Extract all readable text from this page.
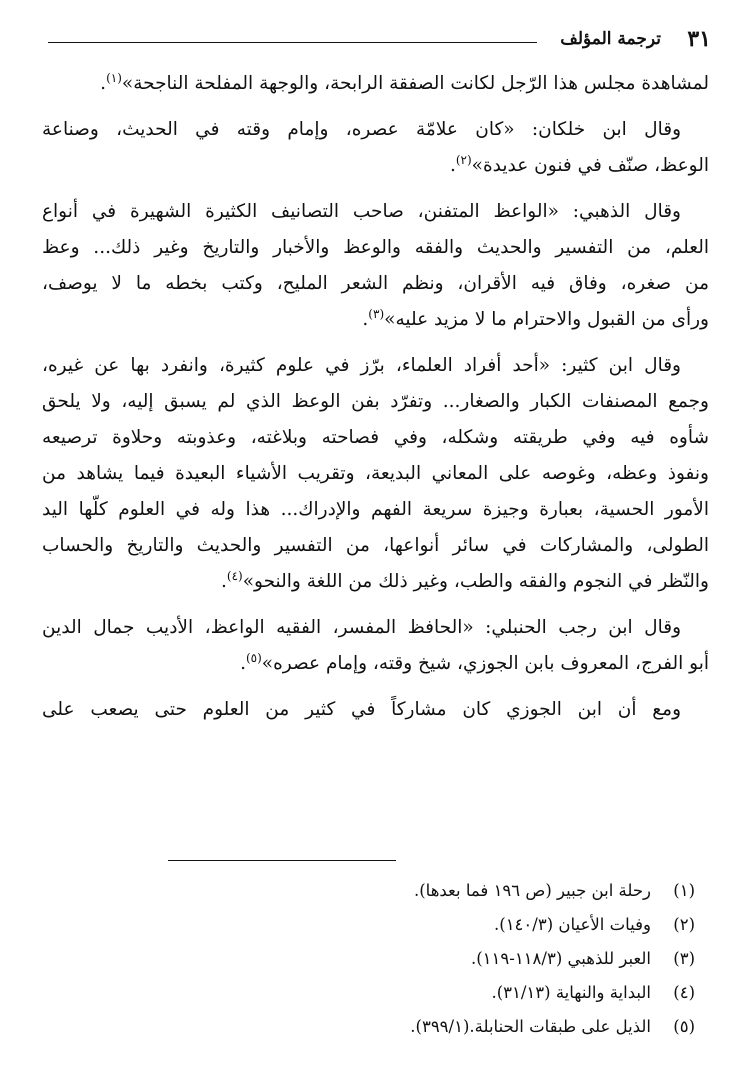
٣١
ترجمة المؤلف
لمشاهدة مجلس هذا الرّجل لكانت الصفقة الرابحة، والوجهة المفلحة الناجحة»$^{(١)}$.
وقال ابن خلكان: «كان علامّة عصره، وإمام وقته في الحديث، وصناعة
الوعظ، صنّف في فنون عديدة»$^{(٢)}$.
وقال الذهبي: «الواعظ المتفنن، صاحب التصانيف الكثيرة الشهيرة في أنواع
العلم، من التفسير والحديث والفقه والوعظ والأخبار والتاريخ وغير ذلك... وعظ
من صغره، وفاق فيه الأقران، ونظم الشعر المليح، وكتب بخطه ما لا يوصف،
ورأى من القبول والاحترام ما لا مزيد عليه»$^{(٣)}$.
وقال ابن كثير: «أحد أفراد العلماء، برّز في علوم كثيرة، وانفرد بها عن غيره،
وجمع المصنفات الكبار والصغار... وتفرّد بفن الوعظ الذي لم يسبق إليه، ولا يلحق
شأوه فيه وفي طريقته وشكله، وفي فصاحته وبلاغته، وعذوبته وحلاوة ترصيعه
ونفوذ وعظه، وغوصه على المعاني البديعة، وتقريب الأشياء البعيدة فيما يشاهد من
الأمور الحسية، بعبارة وجيزة سريعة الفهم والإدراك... هذا وله في العلوم كلّها اليد
الطولى، والمشاركات في سائر أنواعها، من التفسير والحديث والتاريخ والحساب
والنّظر في النجوم والفقه والطب، وغير ذلك من اللغة والنحو»$^{(٤)}$.
وقال ابن رجب الحنبلي: «الحافظ المفسر، الفقيه الواعظ، الأديب جمال الدين
أبو الفرج، المعروف بابن الجوزي، شيخ وقته، وإمام عصره»$^{(٥)}$.
ومع أن ابن الجوزي كان مشاركاً في كثير من العلوم حتى يصعب على
(١)
رحلة ابن جبير (ص ١٩٦ فما بعدها).
(٢)
وفيات الأعيان (١٤٠/٣).
(٣)
العبر للذهبي (١١٨/٣-١١٩).
(٤)
البداية والنهاية (٣١/١٣).
(٥)
الذيل على طبقات الحنابلة.(٣٩٩/١).
